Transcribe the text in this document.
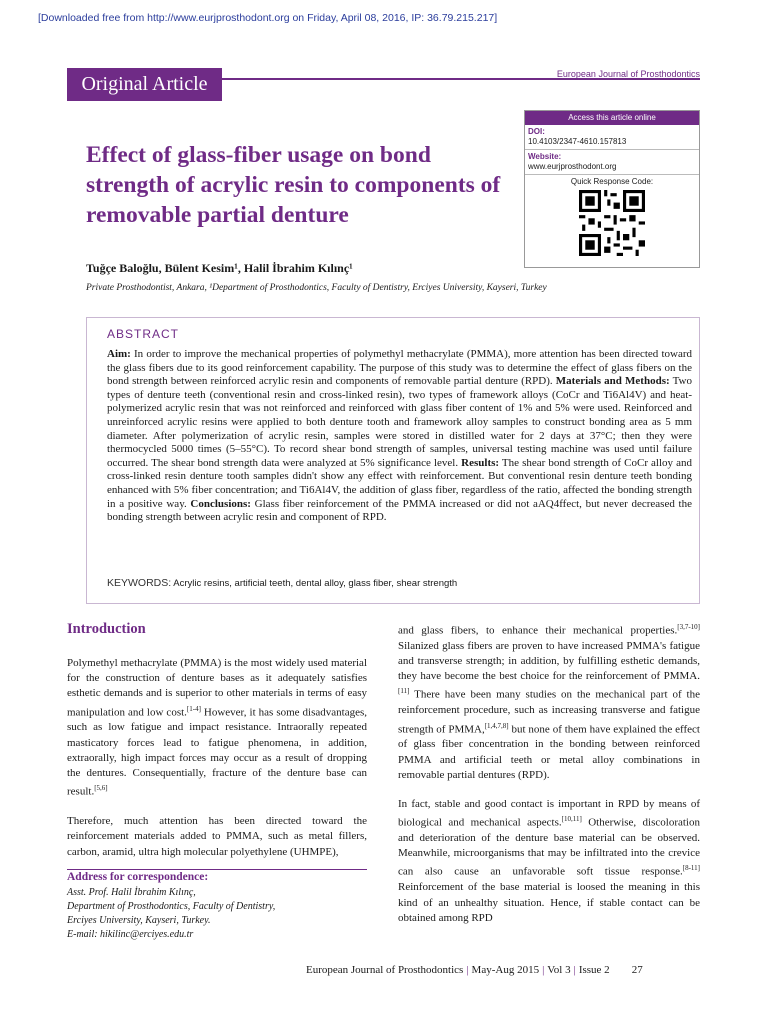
[Downloaded free from http://www.eurjprosthodont.org on Friday, April 08, 2016, IP: 36.79.215.217]
Original Article	European Journal of Prosthodontics
Access this article online
DOI:
10.4103/2347-4610.157813
Website:
www.eurjprosthodont.org
Quick Response Code:
Effect of glass-fiber usage on bond strength of acrylic resin to components of removable partial denture
Tuğçe Baloğlu, Bülent Kesim¹, Halil İbrahim Kılınç¹
Private Prosthodontist, Ankara, ¹Department of Prosthodontics, Faculty of Dentistry, Erciyes University, Kayseri, Turkey
ABSTRACT
Aim: In order to improve the mechanical properties of polymethyl methacrylate (PMMA), more attention has been directed toward the glass fibers due to its good reinforcement capability. The purpose of this study was to determine the effect of glass fibers on the bond strength between reinforced acrylic resin and components of removable partial denture (RPD). Materials and Methods: Two types of denture teeth (conventional resin and cross-linked resin), two types of framework alloys (CoCr and Ti6Al4V) and heat-polymerized acrylic resin that was not reinforced and reinforced with glass fiber content of 1% and 5% were used. Reinforced and unreinforced acrylic resins were applied to both denture tooth and framework alloy samples to construct bonding area as 5 mm diameter. After polymerization of acrylic resin, samples were stored in distilled water for 2 days at 37°C; then they were thermocycled 5000 times (5–55°C). To record shear bond strength of samples, universal testing machine was used until failure occurred. The shear bond strength data were analyzed at 5% significance level. Results: The shear bond strength of CoCr alloy and cross-linked resin denture tooth samples didn't show any effect with reinforcement. But conventional resin denture teeth bonding enhanced with 5% fiber concentration; and Ti6Al4V, the addition of glass fiber, regardless of the ratio, affected the bonding strength in a positive way. Conclusions: Glass fiber reinforcement of the PMMA increased or did not aAQ4ffect, but never decreased the bonding strength between acrylic resin and component of RPD.
KEYWORDS: Acrylic resins, artificial teeth, dental alloy, glass fiber, shear strength
Introduction

Polymethyl methacrylate (PMMA) is the most widely used material for the construction of denture bases as it adequately satisfies esthetic demands and is superior to other materials in terms of easy manipulation and low cost.[1-4] However, it has some disadvantages, such as low fatigue and impact resistance. Intraorally repeated masticatory forces lead to fatigue phenomena, in addition, extraorally, high impact forces may occur as a result of dropping the dentures. Consequentially, fracture of the denture base can result.[5,6]

Therefore, much attention has been directed toward the reinforcement materials added to PMMA, such as metal fillers, carbon, aramid, ultra high molecular polyethylene (UHMPE),

Address for correspondence:
Asst. Prof. Halil İbrahim Kılınç,
Department of Prosthodontics, Faculty of Dentistry,
Erciyes University, Kayseri, Turkey.
E-mail: hikilinc@erciyes.edu.tr

and glass fibers, to enhance their mechanical properties.[3,7-10] Silanized glass fibers are proven to have increased PMMA's fatigue and transverse strength; in addition, by fulfilling esthetic demands, they have become the best choice for the reinforcement of PMMA.[11] There have been many studies on the mechanical part of the reinforcement procedure, such as increasing transverse and fatigue strength of PMMA,[1,4,7,8] but none of them have explained the effect of glass fiber concentration in the bonding between reinforced PMMA and artificial teeth or metal alloy combinations in removable partial dentures (RPD).

In fact, stable and good contact is important in RPD by means of biological and mechanical aspects.[10,11] Otherwise, discoloration and deterioration of the denture base material can be observed. Meanwhile, microorganisms that may be infiltrated into the crevice can also cause an unfavorable soft tissue response.[8-11] Reinforcement of the base material is loosed the meaning in this kind of an unhealthy situation. Hence, if stable contact can be obtained among RPD

European Journal of Prosthodontics | May-Aug 2015 | Vol 3 | Issue 2 27
